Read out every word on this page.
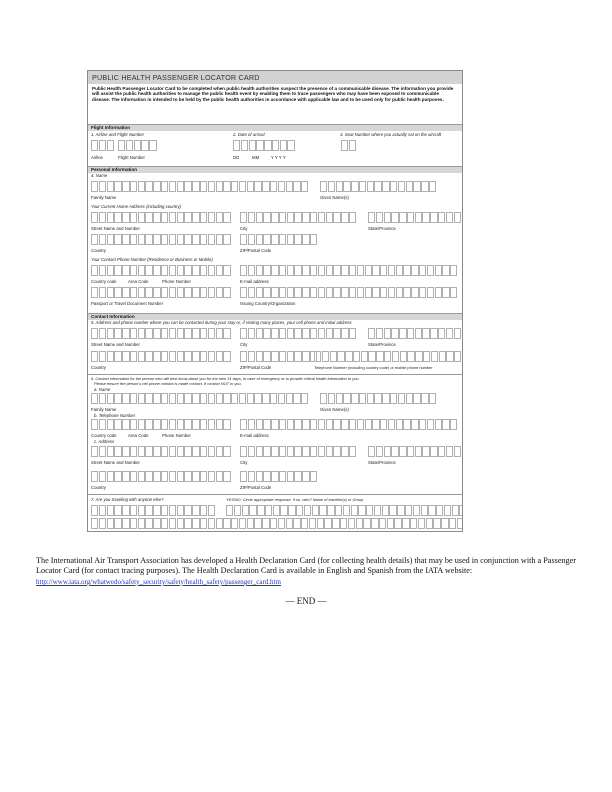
PUBLIC HEALTH PASSENGER LOCATOR CARD
Public Health Passenger Locator Card to be completed when public health authorities suspect the presence of a communicable disease. The information you provide will assist the public health authorities to manage the public health event by enabling them to trace passengers who may have been exposed to communicable disease. The information in intended to be held by the public health authorities in accordance with applicable law and to be used only for public health purposes.
Flight Information
1. Airline and Flight Number	2. Date of arrival	3. Seat Number where you actually sat on the aircraft
Airline	Flight Number	DD	MM	Y Y Y Y
Personal Information
4. Name
Family Name	Given Name(s)
Your Current Home Address (including country)
Street Name and Number	City	State/Province
Country	ZIP/Postal Code
Your Contact Phone Number (Residence or Business or Mobile)
Country code	Area Code	Phone Number	E-mail address
Passport or Travel Document Number	Issuing Country/Organization
Contact Information
5. Address and phone number where you can be contacted during your stay or, if visiting many places, your cell phone and initial address
Street Name and Number	City	State/Province
Country	ZIP/Postal Code	Telephone Number (including country code) or mobile phone number
6. Contact information for the person who will best know about you for the next 31 days, in case of emergency or to provide critical health information to you.
Please ensure the person's cell phone contact is made contact. If contact NOT to you.
a. Name
Family Name	Given Name(s)
b. Telephone Number
Country code	Area Code	Phone Number	E-mail address
c. Address
Street Name and Number	City	State/Province
Country	ZIP/Postal Code
7. Are you traveling with anyone else?	YES/NO. Circle appropriate response. If so, who? Name of traveller(s) or Group
The International Air Transport Association has developed a Health Declaration Card (for collecting health details) that may be used in conjunction with a Passenger Locator Card (for contact tracing purposes). The Health Declaration Card is available in English and Spanish from the IATA website:
http://www.iata.org/whatwedo/safety_security/safety/health_safety/passenger_card.htm
— END —
